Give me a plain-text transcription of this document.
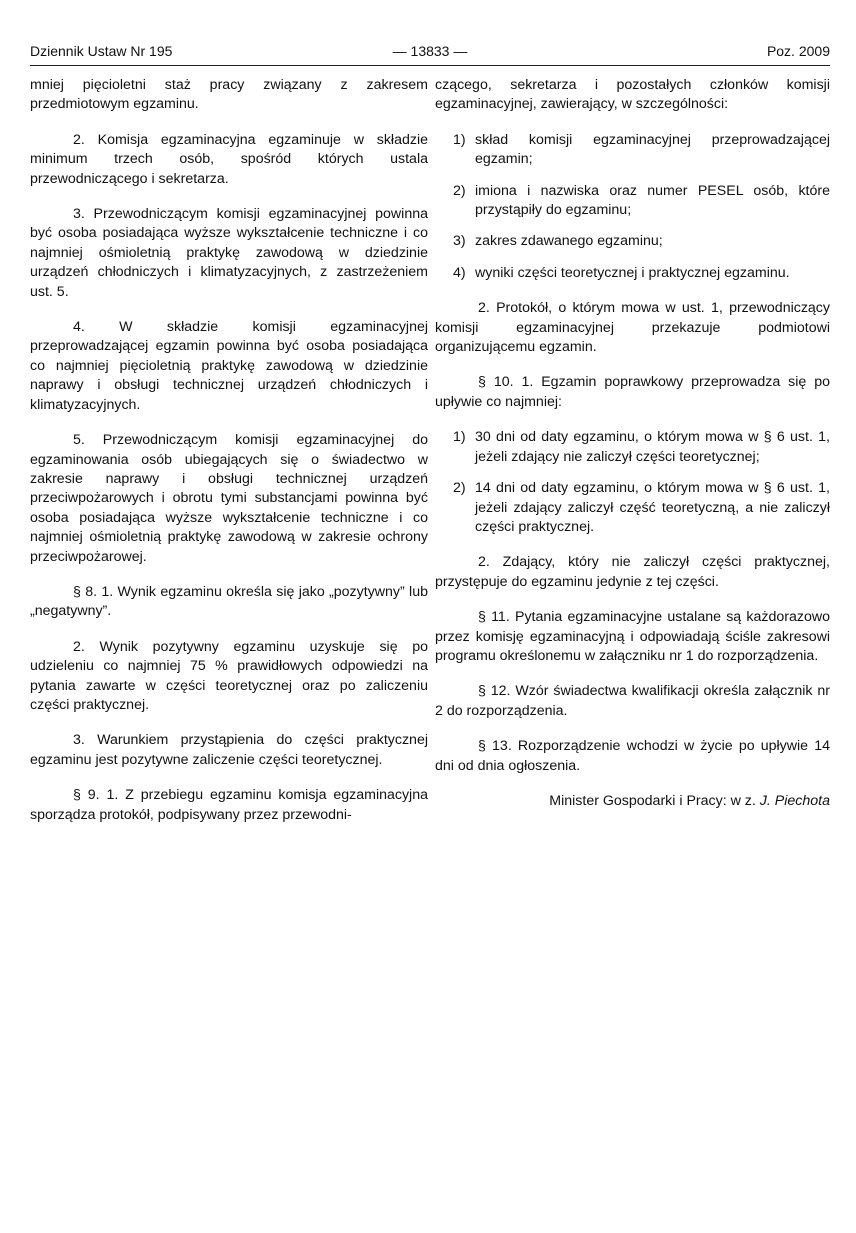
Dziennik Ustaw Nr 195	— 13833 —	Poz. 2009

mniej pięcioletni staż pracy związany z zakresem przedmiotowym egzaminu.

2. Komisja egzaminacyjna egzaminuje w składzie minimum trzech osób, spośród których ustala przewodniczącego i sekretarza.

3. Przewodniczącym komisji egzaminacyjnej powinna być osoba posiadająca wyższe wykształcenie techniczne i co najmniej ośmioletnią praktykę zawodową w dziedzinie urządzeń chłodniczych i klimatyzacyjnych, z zastrzeżeniem ust. 5.

4. W składzie komisji egzaminacyjnej przeprowadzającej egzamin powinna być osoba posiadająca co najmniej pięcioletnią praktykę zawodową w dziedzinie naprawy i obsługi technicznej urządzeń chłodniczych i klimatyzacyjnych.

5. Przewodniczącym komisji egzaminacyjnej do egzaminowania osób ubiegających się o świadectwo w zakresie naprawy i obsługi technicznej urządzeń przeciwpożarowych i obrotu tymi substancjami powinna być osoba posiadająca wyższe wykształcenie techniczne i co najmniej ośmioletnią praktykę zawodową w zakresie ochrony przeciwpożarowej.

§ 8. 1. Wynik egzaminu określa się jako „pozytywny” lub „negatywny”.

2. Wynik pozytywny egzaminu uzyskuje się po udzieleniu co najmniej 75 % prawidłowych odpowiedzi na pytania zawarte w części teoretycznej oraz po zaliczeniu części praktycznej.

3. Warunkiem przystąpienia do części praktycznej egzaminu jest pozytywne zaliczenie części teoretycznej.

§ 9. 1. Z przebiegu egzaminu komisja egzaminacyjna sporządza protokół, podpisywany przez przewodni-

czącego, sekretarza i pozostałych członków komisji egzaminacyjnej, zawierający, w szczególności:

1) skład komisji egzaminacyjnej przeprowadzającej egzamin;
2) imiona i nazwiska oraz numer PESEL osób, które przystąpiły do egzaminu;
3) zakres zdawanego egzaminu;
4) wyniki części teoretycznej i praktycznej egzaminu.

2. Protokół, o którym mowa w ust. 1, przewodniczący komisji egzaminacyjnej przekazuje podmiotowi organizującemu egzamin.

§ 10. 1. Egzamin poprawkowy przeprowadza się po upływie co najmniej:

1) 30 dni od daty egzaminu, o którym mowa w § 6 ust. 1, jeżeli zdający nie zaliczył części teoretycznej;
2) 14 dni od daty egzaminu, o którym mowa w § 6 ust. 1, jeżeli zdający zaliczył część teoretyczną, a nie zaliczył części praktycznej.

2. Zdający, który nie zaliczył części praktycznej, przystępuje do egzaminu jedynie z tej części.

§ 11. Pytania egzaminacyjne ustalane są każdorazowo przez komisję egzaminacyjną i odpowiadają ściśle zakresowi programu określonemu w załączniku nr 1 do rozporządzenia.

§ 12. Wzór świadectwa kwalifikacji określa załącznik nr 2 do rozporządzenia.

§ 13. Rozporządzenie wchodzi w życie po upływie 14 dni od dnia ogłoszenia.

Minister Gospodarki i Pracy: w z. J. Piechota
